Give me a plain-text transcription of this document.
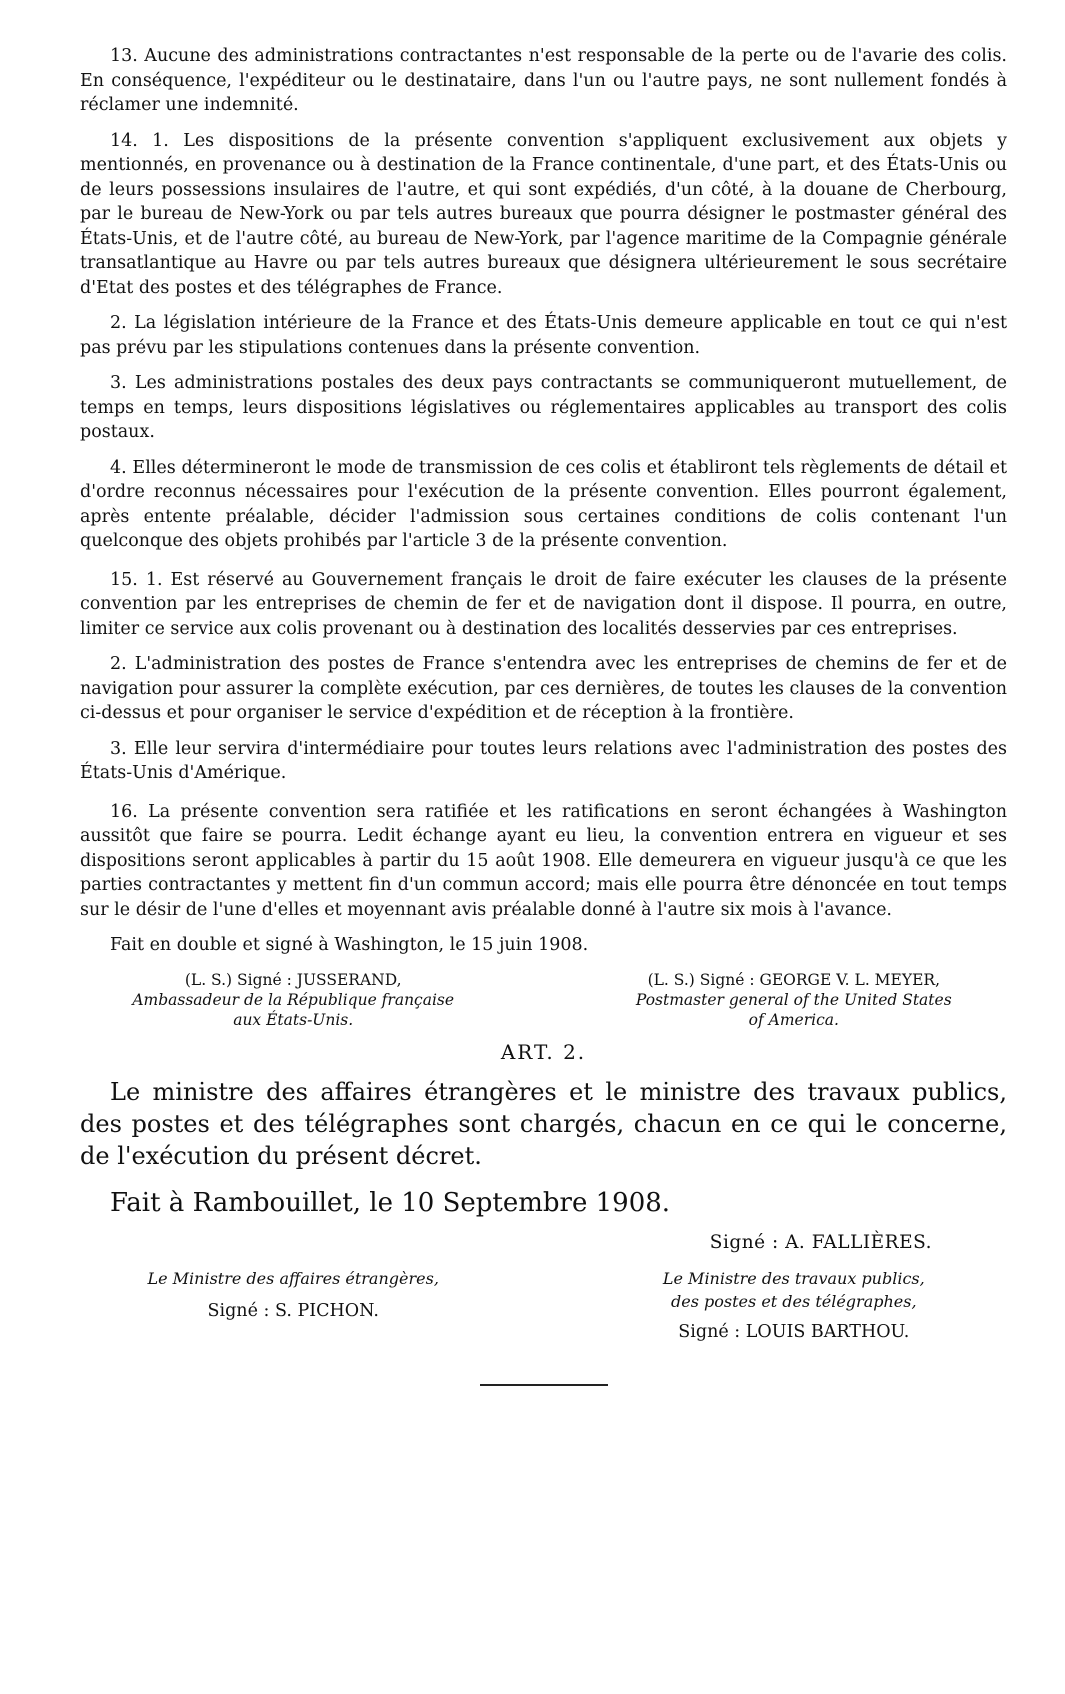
13. Aucune des administrations contractantes n'est responsable de la perte ou de l'avarie des colis. En conséquence, l'expéditeur ou le destinataire, dans l'un ou l'autre pays, ne sont nullement fondés à réclamer une indemnité.

14. 1. Les dispositions de la présente convention s'appliquent exclusivement aux objets y mentionnés, en provenance ou à destination de la France continentale, d'une part, et des États-Unis ou de leurs possessions insulaires de l'autre, et qui sont expédiés, d'un côté, à la douane de Cherbourg, par le bureau de New-York ou par tels autres bureaux que pourra désigner le postmaster général des États-Unis, et de l'autre côté, au bureau de New-York, par l'agence maritime de la Compagnie générale transatlantique au Havre ou par tels autres bureaux que désignera ultérieurement le sous secrétaire d'Etat des postes et des télégraphes de France.

2. La législation intérieure de la France et des États-Unis demeure applicable en tout ce qui n'est pas prévu par les stipulations contenues dans la présente convention.

3. Les administrations postales des deux pays contractants se communiqueront mutuellement, de temps en temps, leurs dispositions législatives ou réglementaires applicables au transport des colis postaux.

4. Elles détermineront le mode de transmission de ces colis et établiront tels règlements de détail et d'ordre reconnus nécessaires pour l'exécution de la présente convention. Elles pourront également, après entente préalable, décider l'admission sous certaines conditions de colis contenant l'un quelconque des objets prohibés par l'article 3 de la présente convention.

15. 1. Est réservé au Gouvernement français le droit de faire exécuter les clauses de la présente convention par les entreprises de chemin de fer et de navigation dont il dispose. Il pourra, en outre, limiter ce service aux colis provenant ou à destination des localités desservies par ces entreprises.

2. L'administration des postes de France s'entendra avec les entreprises de chemins de fer et de navigation pour assurer la complète exécution, par ces dernières, de toutes les clauses de la convention ci-dessus et pour organiser le service d'expédition et de réception à la frontière.

3. Elle leur servira d'intermédiaire pour toutes leurs relations avec l'administration des postes des États-Unis d'Amérique.

16. La présente convention sera ratifiée et les ratifications en seront échangées à Washington aussitôt que faire se pourra. Ledit échange ayant eu lieu, la convention entrera en vigueur et ses dispositions seront applicables à partir du 15 août 1908. Elle demeurera en vigueur jusqu'à ce que les parties contractantes y mettent fin d'un commun accord; mais elle pourra être dénoncée en tout temps sur le désir de l'une d'elles et moyennant avis préalable donné à l'autre six mois à l'avance.

Fait en double et signé à Washington, le 15 juin 1908.

(L. S.) Signé : JUSSERAND,
Ambassadeur de la République française
aux États-Unis.
(L. S.) Signé : GEORGE V. L. MEYER,
Postmaster general of the United States
of America.
ART. 2.

Le ministre des affaires étrangères et le ministre des travaux publics, des postes et des télégraphes sont chargés, chacun en ce qui le concerne, de l'exécution du présent décret.

Fait à Rambouillet, le 10 Septembre 1908.
Signé : A. FALLIÈRES.
Le Ministre des affaires étrangères,
Signé : S. PICHON.
Le Ministre des travaux publics,
des postes et des télégraphes,
Signé : LOUIS BARTHOU.
